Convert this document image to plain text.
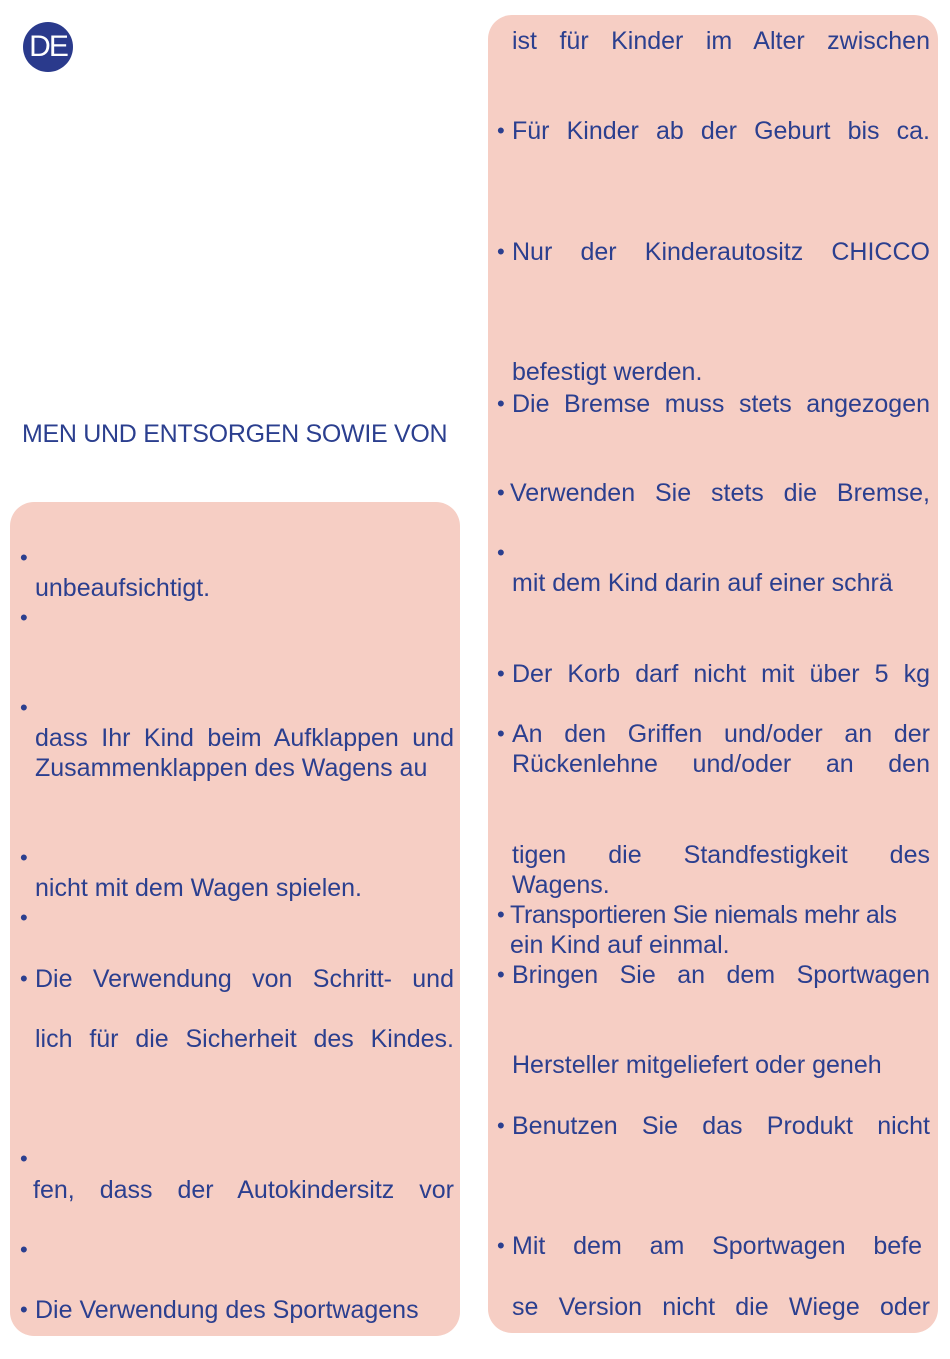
DE
MEN UND ENTSORGEN SOWIE VON
•
•
•
•
•
•
•
•
•
unbeaufsichtigt.
dass Ihr Kind beim Aufklappen und
Zusammenklappen des Wagens au
nicht mit dem Wagen spielen.
Die Verwendung von Schritt- und
lich für die Sicherheit des Kindes.
fen, dass der Autokindersitz vor
Die Verwendung des Sportwagens
•
•
•
•
•
•
•
•
•
•
•
ist für Kinder im Alter zwischen
Für Kinder ab der Geburt bis ca.
Nur der Kinderautositz CHICCO
befestigt werden.
Die Bremse muss stets angezogen
Verwenden Sie stets die Bremse,
mit dem Kind darin auf einer schrä
Der Korb darf nicht mit über 5 kg
An den Griffen und/oder an der
Rückenlehne und/oder an den
tigen die Standfestigkeit des
Wagens.
Transportieren Sie niemals mehr als
ein Kind auf einmal.
Bringen Sie an dem Sportwagen
Hersteller mitgeliefert oder geneh
Benutzen Sie das Produkt nicht
Mit dem am Sportwagen befe
se Version nicht die Wiege oder
